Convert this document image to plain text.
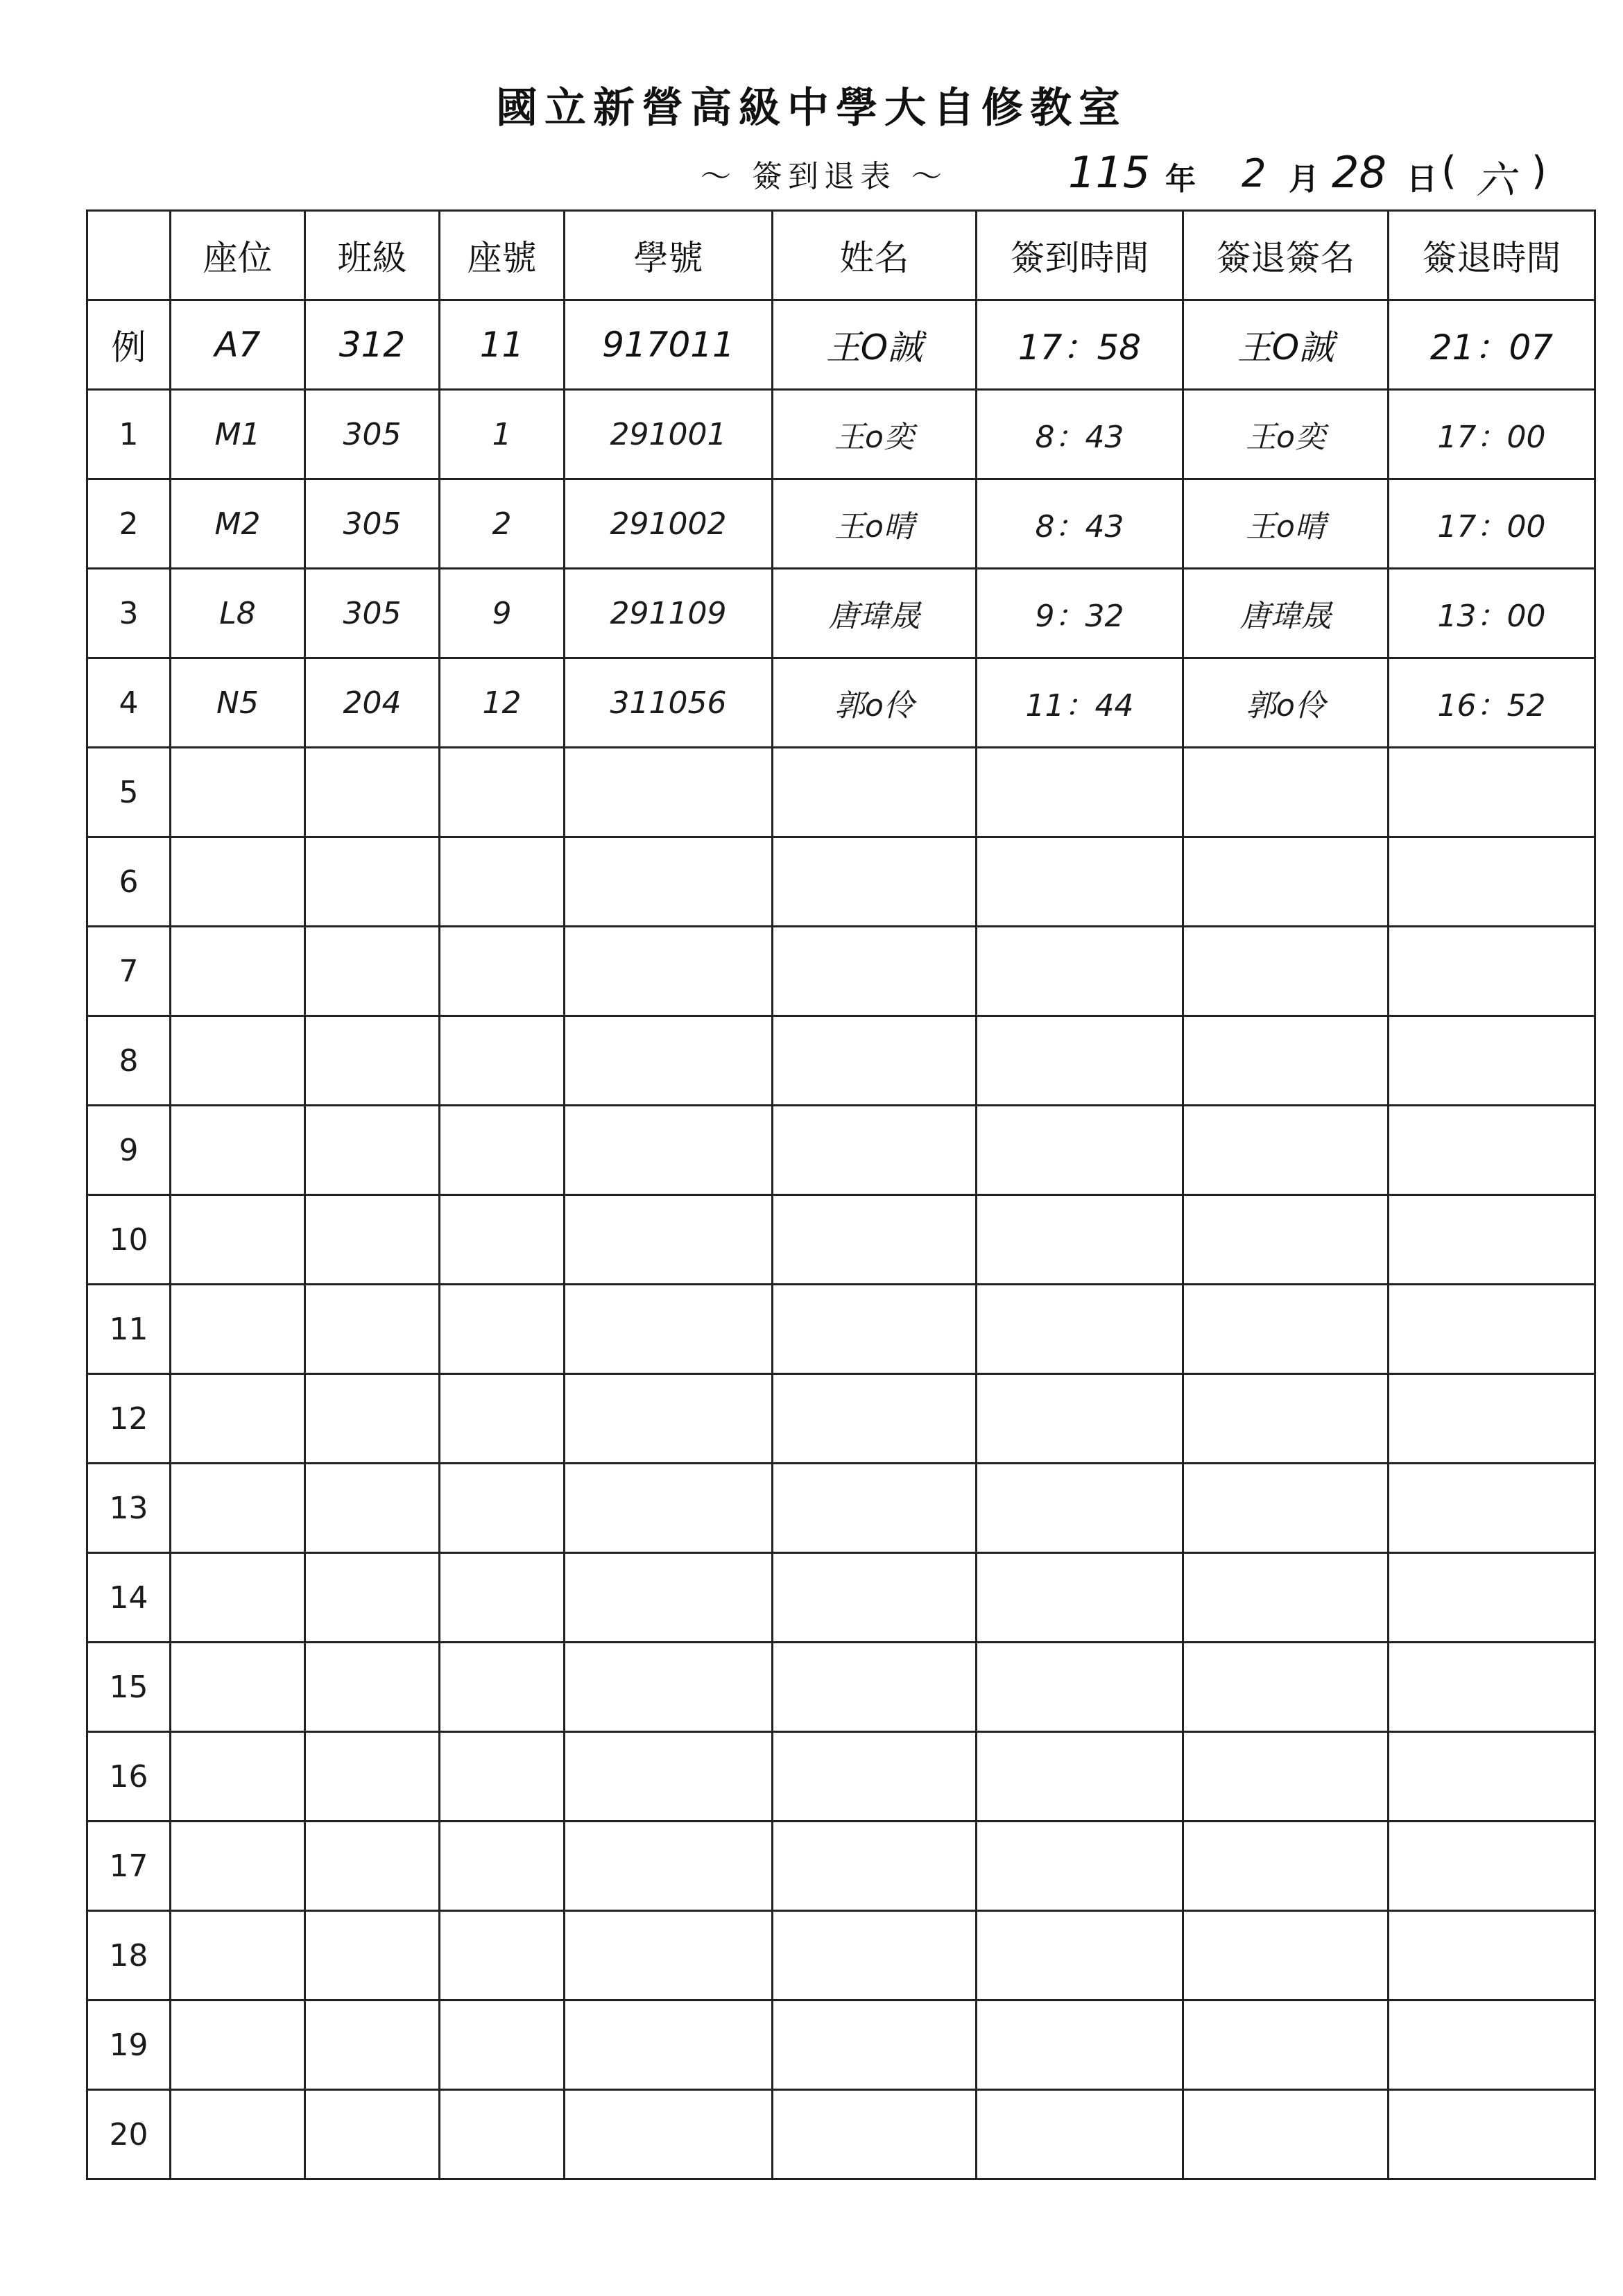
國立新營高級中學大自修教室
～ 簽到退表 ～	115 年 2 月 28 日 ( 六 )
	座位	班級	座號	學號	姓名	簽到時間	簽退簽名	簽退時間
例	A7	312	11	917011	王O誠	17：58	王O誠	21：07
1	M1	305	1	291001	王o奕	8：43	王o奕	17：00
2	M2	305	2	291002	王o晴	8：43	王o晴	17：00
3	L8	305	9	291109	唐瑋晟	9：32	唐瑋晟	13：00
4	N5	204	12	311056	郭o伶	11：44	郭o伶	16：52
5								
6								
7								
8								
9								
10								
11								
12								
13								
14								
15								
16								
17								
18								
19								
20								
